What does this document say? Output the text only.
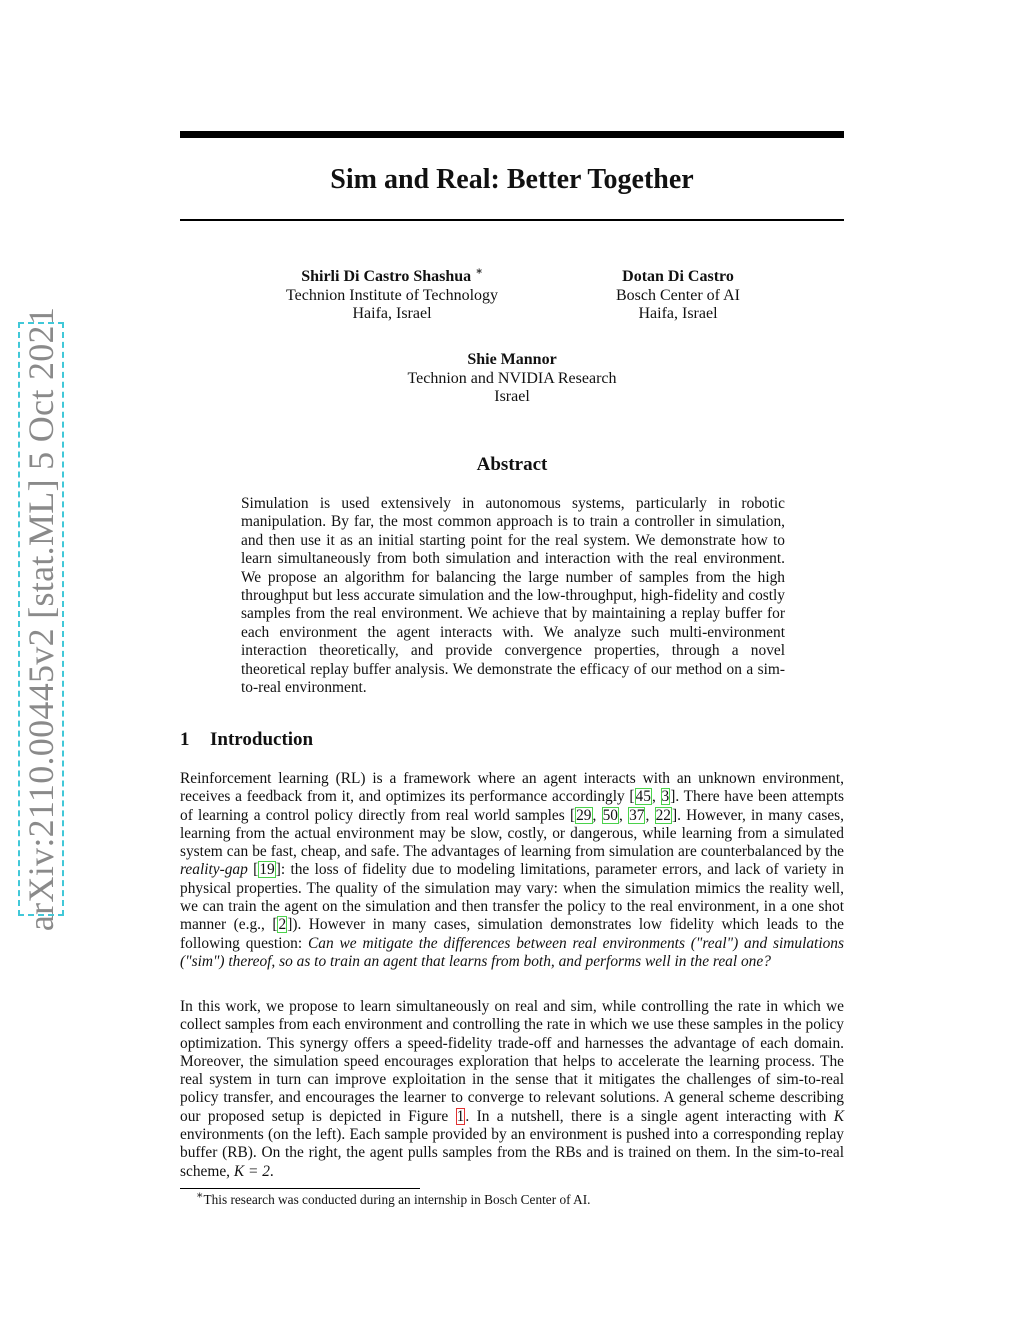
arXiv:2110.00445v2 [stat.ML] 5 Oct 2021
Sim and Real: Better Together
Shirli Di Castro Shashua ∗
Technion Institute of Technology
Haifa, Israel
Dotan Di Castro
Bosch Center of AI
Haifa, Israel
Shie Mannor
Technion and NVIDIA Research
Israel
Abstract

Simulation is used extensively in autonomous systems, particularly in robotic manipulation. By far, the most common approach is to train a controller in simulation, and then use it as an initial starting point for the real system. We demonstrate how to learn simultaneously from both simulation and interaction with the real environment. We propose an algorithm for balancing the large number of samples from the high throughput but less accurate simulation and the low-throughput, high-fidelity and costly samples from the real environment. We achieve that by maintaining a replay buffer for each environment the agent interacts with. We analyze such multi-environment interaction theoretically, and provide convergence properties, through a novel theoretical replay buffer analysis. We demonstrate the efficacy of our method on a sim-to-real environment.

1 Introduction

Reinforcement learning (RL) is a framework where an agent interacts with an unknown environment, receives a feedback from it, and optimizes its performance accordingly [45, 3]. There have been attempts of learning a control policy directly from real world samples [29, 50, 37, 22]. However, in many cases, learning from the actual environment may be slow, costly, or dangerous, while learning from a simulated system can be fast, cheap, and safe. The advantages of learning from simulation are counterbalanced by the reality-gap [19]: the loss of fidelity due to modeling limitations, parameter errors, and lack of variety in physical properties. The quality of the simulation may vary: when the simulation mimics the reality well, we can train the agent on the simulation and then transfer the policy to the real environment, in a one shot manner (e.g., [2]). However in many cases, simulation demonstrates low fidelity which leads to the following question: Can we mitigate the differences between real environments ("real") and simulations ("sim") thereof, so as to train an agent that learns from both, and performs well in the real one?

In this work, we propose to learn simultaneously on real and sim, while controlling the rate in which we collect samples from each environment and controlling the rate in which we use these samples in the policy optimization. This synergy offers a speed-fidelity trade-off and harnesses the advantage of each domain. Moreover, the simulation speed encourages exploration that helps to accelerate the learning process. The real system in turn can improve exploitation in the sense that it mitigates the challenges of sim-to-real policy transfer, and encourages the learner to converge to relevant solutions. A general scheme describing our proposed setup is depicted in Figure 1. In a nutshell, there is a single agent interacting with K environments (on the left). Each sample provided by an environment is pushed into a corresponding replay buffer (RB). On the right, the agent pulls samples from the RBs and is trained on them. In the sim-to-real scheme, K = 2.

∗This research was conducted during an internship in Bosch Center of AI.
